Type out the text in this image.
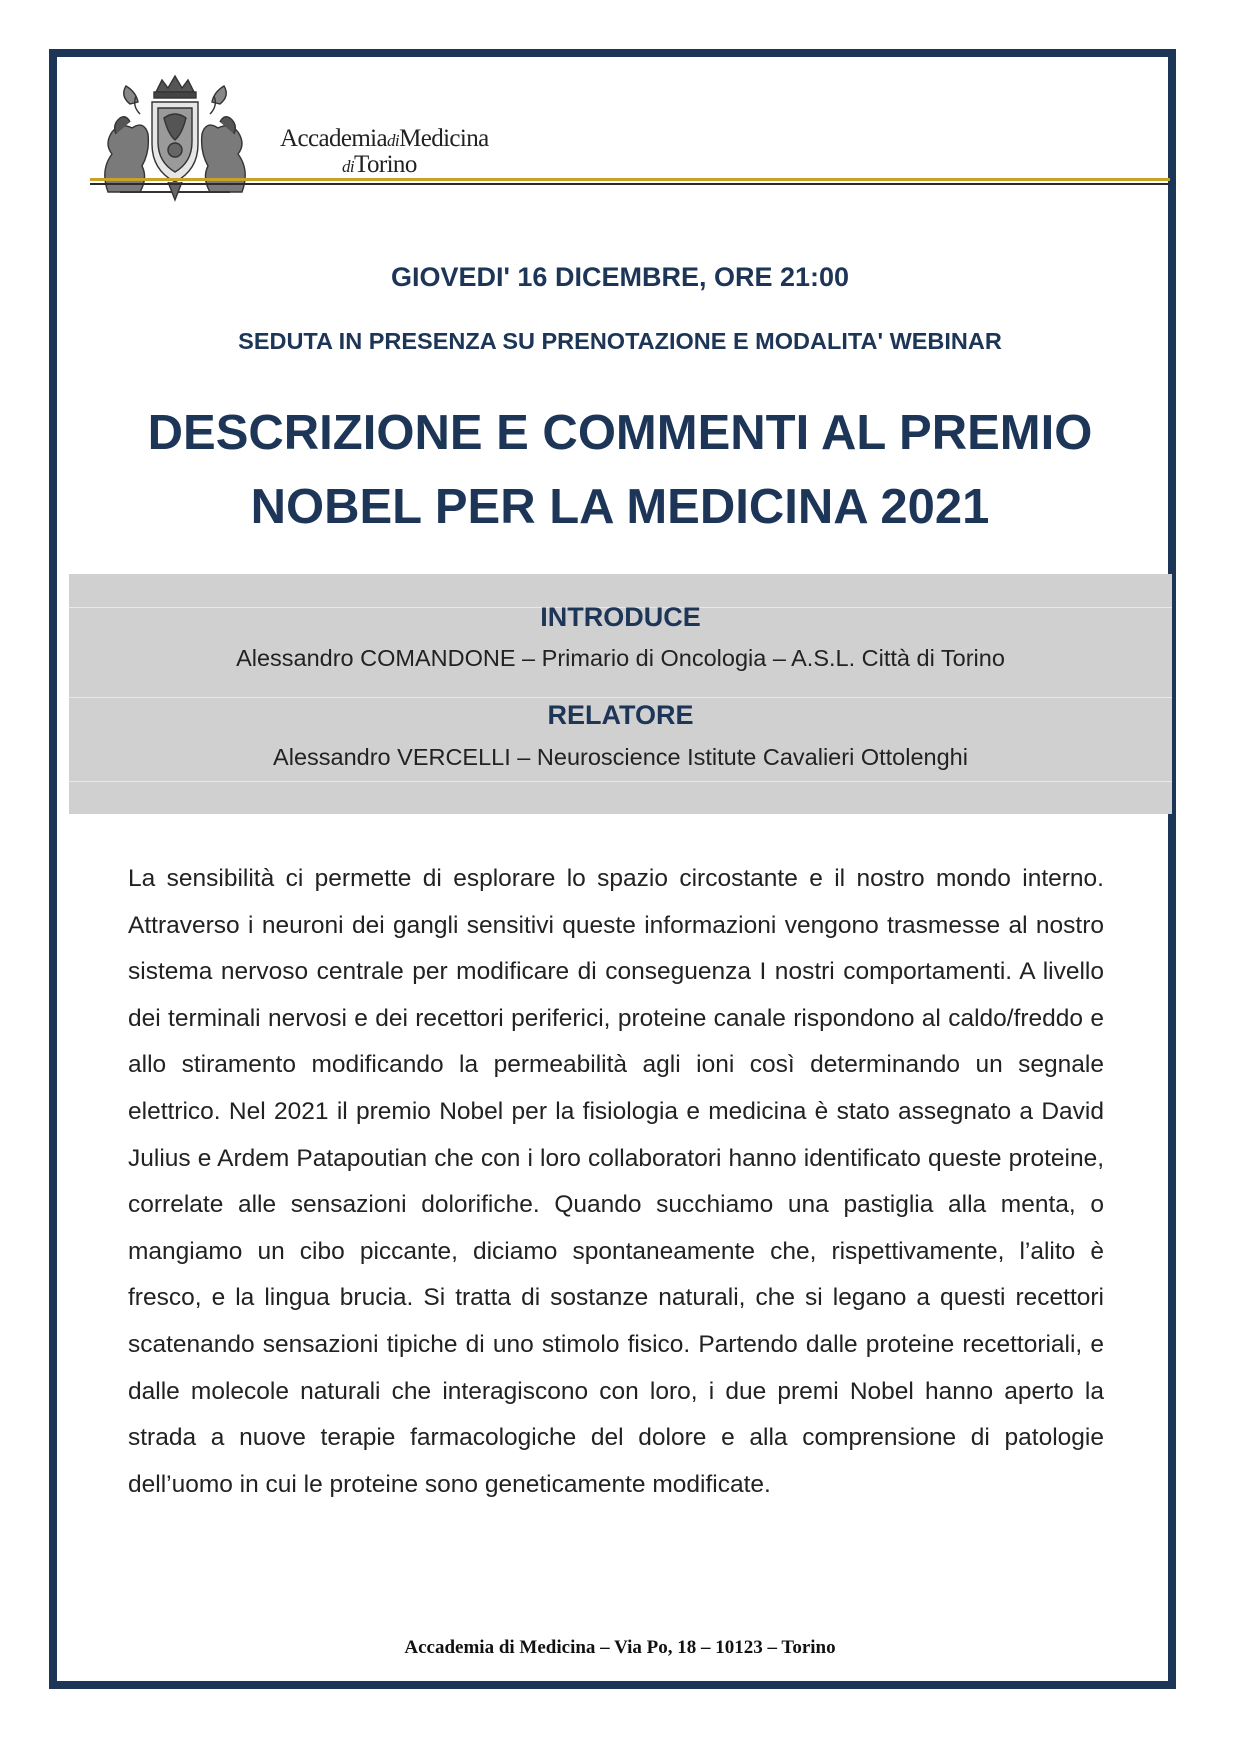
AccademiadiMedicina
diTorino
GIOVEDI' 16 DICEMBRE, ORE 21:00
SEDUTA IN PRESENZA SU PRENOTAZIONE E MODALITA' WEBINAR
DESCRIZIONE E COMMENTI AL PREMIO
NOBEL PER LA MEDICINA 2021
INTRODUCE
Alessandro COMANDONE – Primario di Oncologia – A.S.L. Città di Torino
RELATORE
Alessandro VERCELLI – Neuroscience Istitute Cavalieri Ottolenghi

La sensibilità ci permette di esplorare lo spazio circostante e il nostro mondo interno. Attraverso i neuroni dei gangli sensitivi queste informazioni vengono trasmesse al nostro sistema nervoso centrale per modificare di conseguenza I nostri comportamenti. A livello dei terminali nervosi e dei recettori periferici, proteine canale rispondono al caldo/freddo e allo stiramento modificando la permeabilità agli ioni così determinando un segnale elettrico. Nel 2021 il premio Nobel per la fisiologia e medicina è stato assegnato a David Julius e Ardem Patapoutian che con i loro collaboratori hanno identificato queste proteine, correlate alle sensazioni dolorifiche. Quando succhiamo una pastiglia alla menta, o mangiamo un cibo piccante, diciamo spontaneamente che, rispettivamente, l’alito è fresco, e la lingua brucia. Si tratta di sostanze naturali, che si legano a questi recettori scatenando sensazioni tipiche di uno stimolo fisico. Partendo dalle proteine recettoriali, e dalle molecole naturali che interagiscono con loro, i due premi Nobel hanno aperto la strada a nuove terapie farmacologiche del dolore e alla comprensione di patologie dell’uomo in cui le proteine sono geneticamente modificate.

Accademia di Medicina – Via Po, 18 – 10123 – Torino
